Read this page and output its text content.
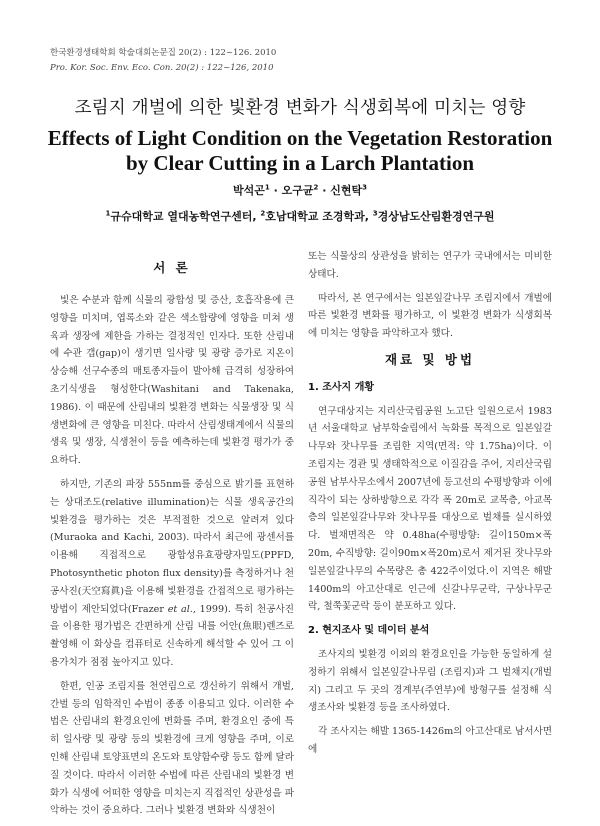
한국환경생태학회 학술대회논문집 20(2) : 122~126. 2010
Pro. Kor. Soc. Env. Eco. Con. 20(2) : 122~126, 2010
조림지 개벌에 의한 빛환경 변화가 식생회복에 미치는 영향
Effects of Light Condition on the Vegetation Restoration by Clear Cutting in a Larch Plantation
박석곤$^1$ · 오구균$^2$ · 신현탁$^3$
$^1$규슈대학교 열대농학연구센터, $^2$호남대학교 조경학과, $^3$경상남도산림환경연구원
서 론

빛은 수분과 함께 식물의 광합성 및 증산, 호흡작용에 큰 영향을 미치며, 엽록소와 같은 색소합량에 영향을 미쳐 생육과 생장에 제한을 가하는 결정적인 인자다. 또한 산림내에 수관 갭(gap)이 생기면 일사량 및 광량 증가로 지온이 상승해 선구수종의 매토종자들이 발아해 급격히 성장하여 초기식생을 형성한다(Washitani and Takenaka, 1986). 이 때문에 산림내의 빛환경 변화는 식물생장 및 식생변화에 큰 영향을 미친다. 따라서 산림생태계에서 식물의 생육 및 생장, 식생천이 등을 예측하는데 빛환경 평가가 중요하다.

하지만, 기존의 파장 555nm를 중심으로 밝기를 표현하는 상대조도(relative illumination)는 식물 생육공간의 빛환경을 평가하는 것은 부적절한 것으로 알려져 있다(Muraoka and Kachi, 2003). 따라서 최근에 광센서를 이용해 직접적으로 광합성유효광량자밀도(PPFD, Photosynthetic photon flux density)를 측정하거나 천공사진(天空寫眞)을 이용해 빛환경을 간접적으로 평가하는 방법이 제안되었다(Frazer et al., 1999). 특히 천공사진을 이용한 평가법은 간편하게 산림 내를 어안(魚眼)렌즈로 촬영해 이 화상을 컴퓨터로 신속하게 해석할 수 있어 그 이용가치가 점점 높아지고 있다.

한편, 인공 조림지를 천연림으로 갱신하기 위해서 개벌, 간벌 등의 임학적인 수법이 종종 이용되고 있다. 이러한 수법은 산림내의 환경요인에 변화를 주며, 환경요인 중에 특히 일사량 및 광량 등의 빛환경에 크게 영향을 주며, 이로 인해 산림내 토양표면의 온도와 토양함수량 등도 함께 달라질 것이다. 따라서 이러한 수법에 따른 산림내의 빛환경 변화가 식생에 어떠한 영향을 미치는지 직접적인 상관성을 파악하는 것이 중요하다. 그러나 빛환경 변화와 식생천이

또는 식물상의 상관성을 밝히는 연구가 국내에서는 미비한 상태다.

따라서, 본 연구에서는 일본잎갈나무 조림지에서 개벌에 따른 빛환경 변화를 평가하고, 이 빛환경 변화가 식생회복에 미치는 영향을 파악하고자 했다.

재료 및 방법
1. 조사지 개황

연구대상지는 지리산국립공원 노고단 일원으로서 1983년 서울대학교 남부학술림에서 녹화를 목적으로 일본잎갈나무와 잣나무를 조림한 지역(면적: 약 1.75ha)이다. 이 조림지는 경관 및 생태학적으로 이질감을 주어, 지리산국립공원 남부사무소에서 2007년에 등고선의 수평방향과 이에 직각이 되는 상하방향으로 각각 폭 20m로 교목층, 아교목층의 일본잎갈나무와 잣나무를 대상으로 벌채를 실시하였다. 벌채면적은 약 0.48ha(수평방향: 길이150m×폭20m, 수직방향: 길이90m×폭20m)로서 제거된 잣나무와 일본잎갈나무의 수목량은 총 422주이었다.이 지역은 해발 1400m의 아고산대로 인근에 신갈나무군락, 구상나무군락, 철쭉꽃군락 등이 분포하고 있다.

2. 현지조사 및 데이터 분석

조사지의 빛환경 이외의 환경요인을 가능한 동일하게 설정하기 위해서 일본잎갈나무림 (조림지)과 그 벌채지(개벌지) 그리고 두 곳의 경계부(주연부)에 방형구를 설정해 식생조사와 빛환경 등을 조사하였다.

각 조사지는 해발 1365-1426m의 아고산대로 남서사면에
